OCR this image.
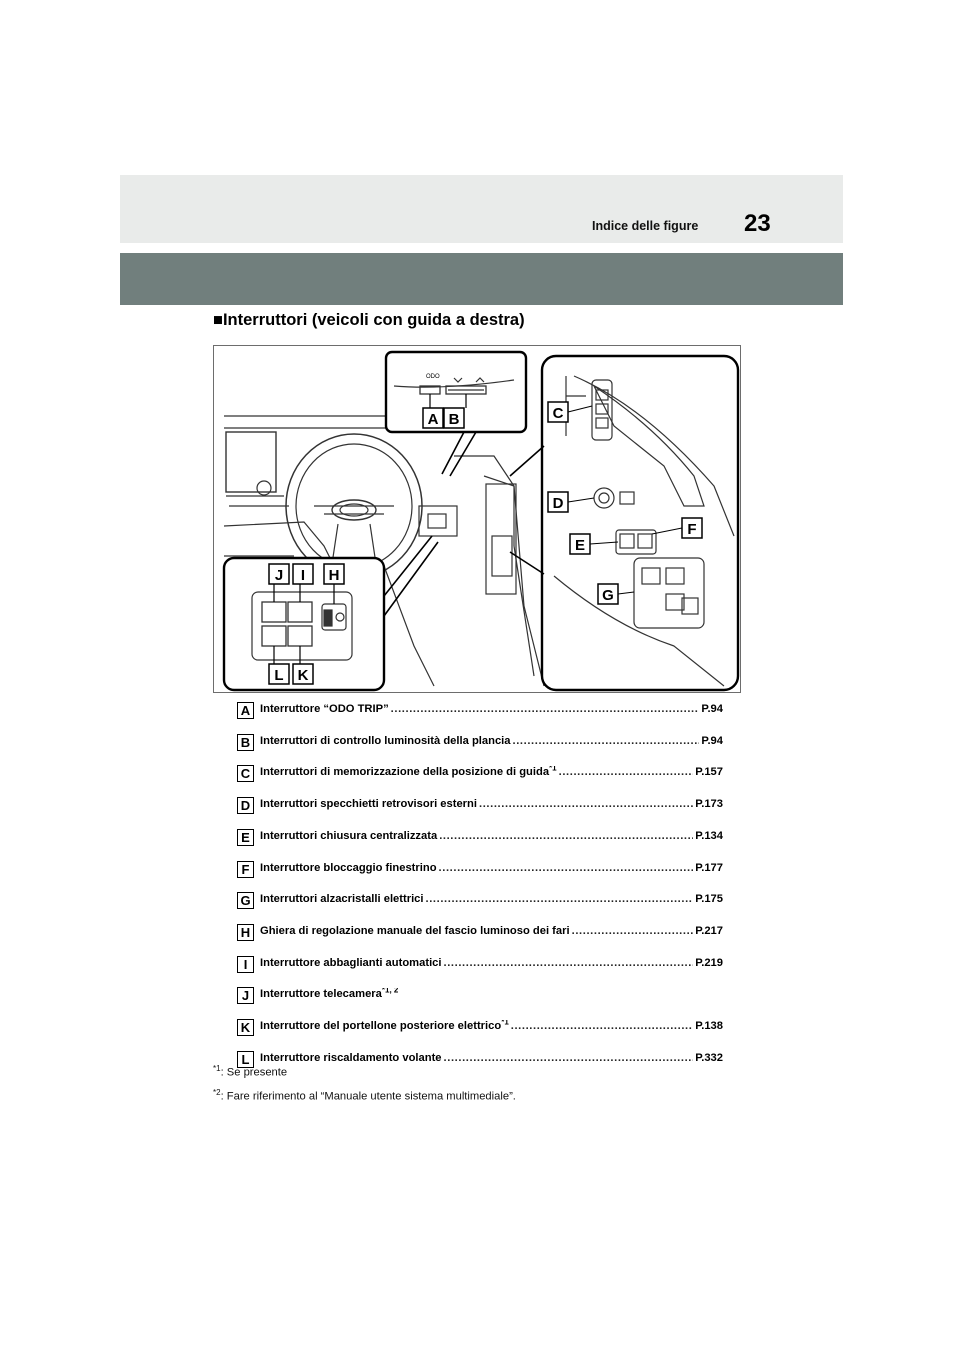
Indice delle figure 23
■Interruttori (veicoli con guida a destra)
ODO
A B	C
D
E
F
G
H
I
J
K
L
A Interruttore “ODO TRIP” .....	P.94
B Interruttori di controllo luminosità della plancia .....	P.94
C Interruttori di memorizzazione della posizione di guida$^{*1}$ .....	P.157
D Interruttori specchietti retrovisori esterni .....	P.173
E Interruttori chiusura centralizzata .....	P.134
F Interruttore bloccaggio finestrino .....	P.177
G Interruttori alzacristalli elettrici .....	P.175
H Ghiera di regolazione manuale del fascio luminoso dei fari .....	P.217
I	Interruttore abbaglianti automatici .....	P.219
J Interruttore telecamera$^{*1, 2}$
K Interruttore del portellone posteriore elettrico$^{*1}$ .....	P.138
L Interruttore riscaldamento volante .....	P.332
$^{*1}$: Se presente
$^{*2}$: Fare riferimento al “Manuale utente sistema multimediale”.
